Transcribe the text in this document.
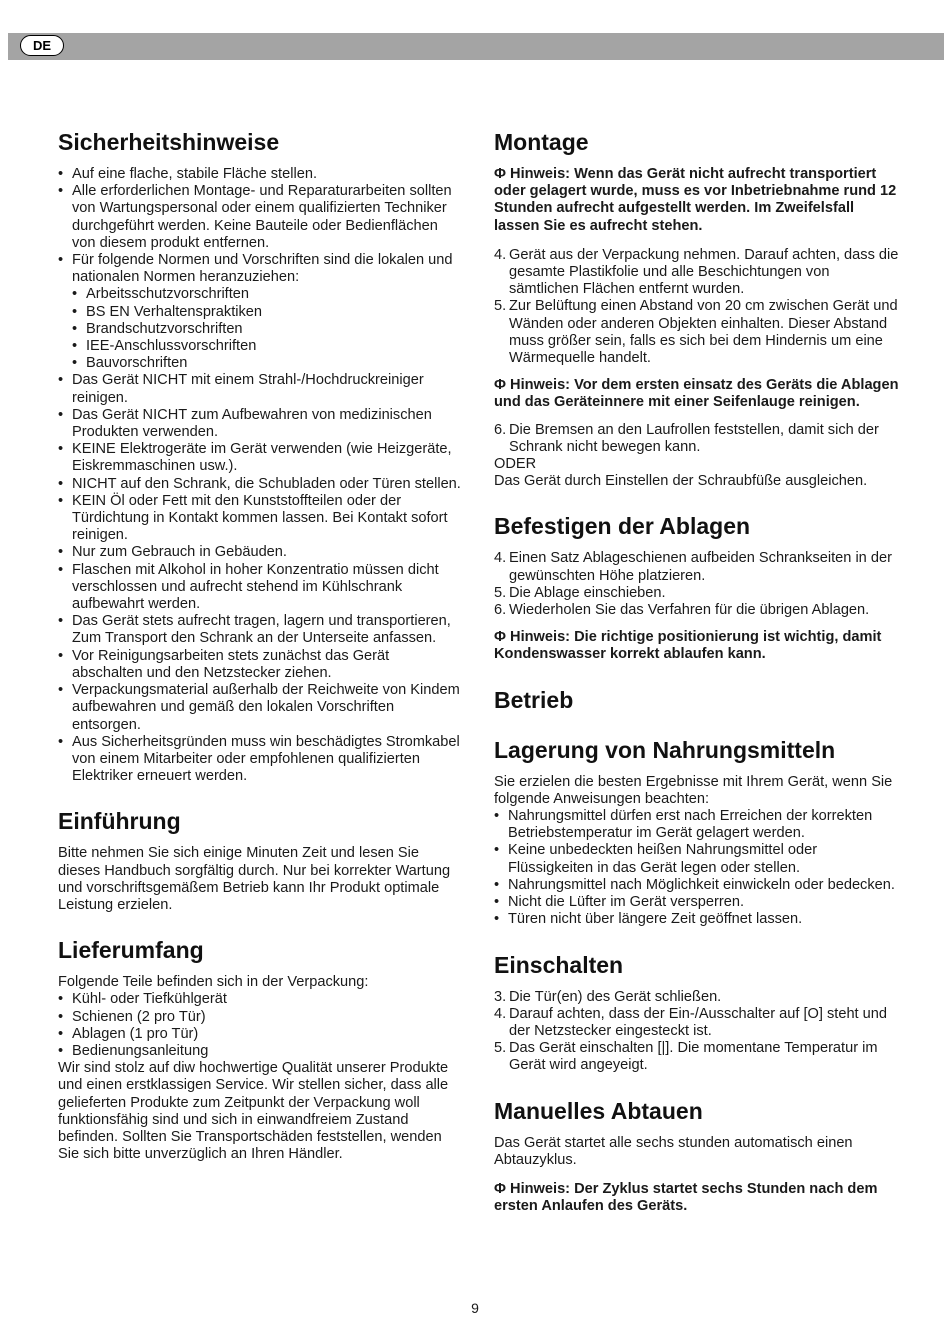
DE
Sicherheitshinweise
• Auf eine flache, stabile Fläche stellen.
• Alle erforderlichen Montage- und Reparaturarbeiten sollten von Wartungspersonal oder einem qualifizierten Techniker durchgeführt werden. Keine Bauteile oder Bedienflächen von diesem produkt entfernen.
• Für folgende Normen und Vorschriften sind die lokalen und nationalen Normen heranzuziehen:
• Arbeitsschutzvorschriften
• BS EN Verhaltenspraktiken
• Brandschutzvorschriften
• IEE-Anschlussvorschriften
• Bauvorschriften
• Das Gerät NICHT mit einem Strahl-/Hochdruckreiniger reinigen.
• Das Gerät NICHT zum Aufbewahren von medizinischen Produkten verwenden.
• KEINE Elektrogeräte im Gerät verwenden (wie Heizgeräte, Eiskremmaschinen usw.).
• NICHT auf den Schrank, die Schubladen oder Türen stellen.
• KEIN Öl oder Fett mit den Kunststoffteilen oder der Türdichtung in Kontakt kommen lassen. Bei Kontakt sofort reinigen.
• Nur zum Gebrauch in Gebäuden.
• Flaschen mit Alkohol in hoher Konzentratio müssen dicht verschlossen und aufrecht stehend im Kühlschrank aufbewahrt werden.
• Das Gerät stets aufrecht tragen, lagern und transportieren, Zum Transport den Schrank an der Unterseite anfassen.
• Vor Reinigungsarbeiten stets zunächst das Gerät abschalten und den Netzstecker ziehen.
• Verpackungsmaterial außerhalb der Reichweite von Kindem aufbewahren und gemäß den lokalen Vorschriften entsorgen.
• Aus Sicherheitsgründen muss win beschädigtes Stromkabel von einem Mitarbeiter oder empfohlenen qualifizierten Elektriker erneuert werden.
Einführung

Bitte nehmen Sie sich einige Minuten Zeit und lesen Sie dieses Handbuch sorgfältig durch. Nur bei korrekter Wartung und vorschriftsgemäßem Betrieb kann Ihr Produkt optimale Leistung erzielen.

Lieferumfang

Folgende Teile befinden sich in der Verpackung:

• Kühl- oder Tiefkühlgerät
• Schienen (2 pro Tür)
• Ablagen (1 pro Tür)
• Bedienungsanleitung

Wir sind stolz auf diw hochwertige Qualität unserer Produkte und einen erstklassigen Service. Wir stellen sicher, dass alle gelieferten Produkte zum Zeitpunkt der Verpackung woll funktionsfähig sind und sich in einwandfreiem Zustand befinden. Sollten Sie Transportschäden feststellen, wenden Sie sich bitte unverzüglich an Ihren Händler.

Montage

Φ Hinweis: Wenn das Gerät nicht aufrecht transportiert oder gelagert wurde, muss es vor Inbetriebnahme rund 12 Stunden aufrecht aufgestellt werden. Im Zweifelsfall lassen Sie es aufrecht stehen.

4. Gerät aus der Verpackung nehmen. Darauf achten, dass die gesamte Plastikfolie und alle Beschichtungen von sämtlichen Flächen entfernt wurden.
5. Zur Belüftung einen Abstand von 20 cm zwischen Gerät und Wänden oder anderen Objekten einhalten. Dieser Abstand muss größer sein, falls es sich bei dem Hindernis um eine Wärmequelle handelt.

Φ Hinweis: Vor dem ersten einsatz des Geräts die Ablagen und das Geräteinnere mit einer Seifenlauge reinigen.

6. Die Bremsen an den Laufrollen feststellen, damit sich der Schrank nicht bewegen kann.

ODER

Das Gerät durch Einstellen der Schraubfüße ausgleichen.

Befestigen der Ablagen
4. Einen Satz Ablageschienen aufbeiden Schrankseiten in der gewünschten Höhe platzieren.
5. Die Ablage einschieben.
6. Wiederholen Sie das Verfahren für die übrigen Ablagen.

Φ Hinweis: Die richtige positionierung ist wichtig, damit Kondenswasser korrekt ablaufen kann.

Betrieb
Lagerung von Nahrungsmitteln

Sie erzielen die besten Ergebnisse mit Ihrem Gerät, wenn Sie folgende Anweisungen beachten:

• Nahrungsmittel dürfen erst nach Erreichen der korrekten Betriebstemperatur im Gerät gelagert werden.
• Keine unbedeckten heißen Nahrungsmittel oder Flüssigkeiten in das Gerät legen oder stellen.
• Nahrungsmittel nach Möglichkeit einwickeln oder bedecken.
• Nicht die Lüfter im Gerät versperren.
• Türen nicht über längere Zeit geöffnet lassen.
Einschalten
3. Die Tür(en) des Gerät schließen.
4. Darauf achten, dass der Ein-/Ausschalter auf [O] steht und der Netzstecker eingesteckt ist.
5. Das Gerät einschalten [|]. Die momentane Temperatur im Gerät wird angeyeigt.
Manuelles Abtauen

Das Gerät startet alle sechs stunden automatisch einen Abtauzyklus.

Φ Hinweis: Der Zyklus startet sechs Stunden nach dem ersten Anlaufen des Geräts.

9
